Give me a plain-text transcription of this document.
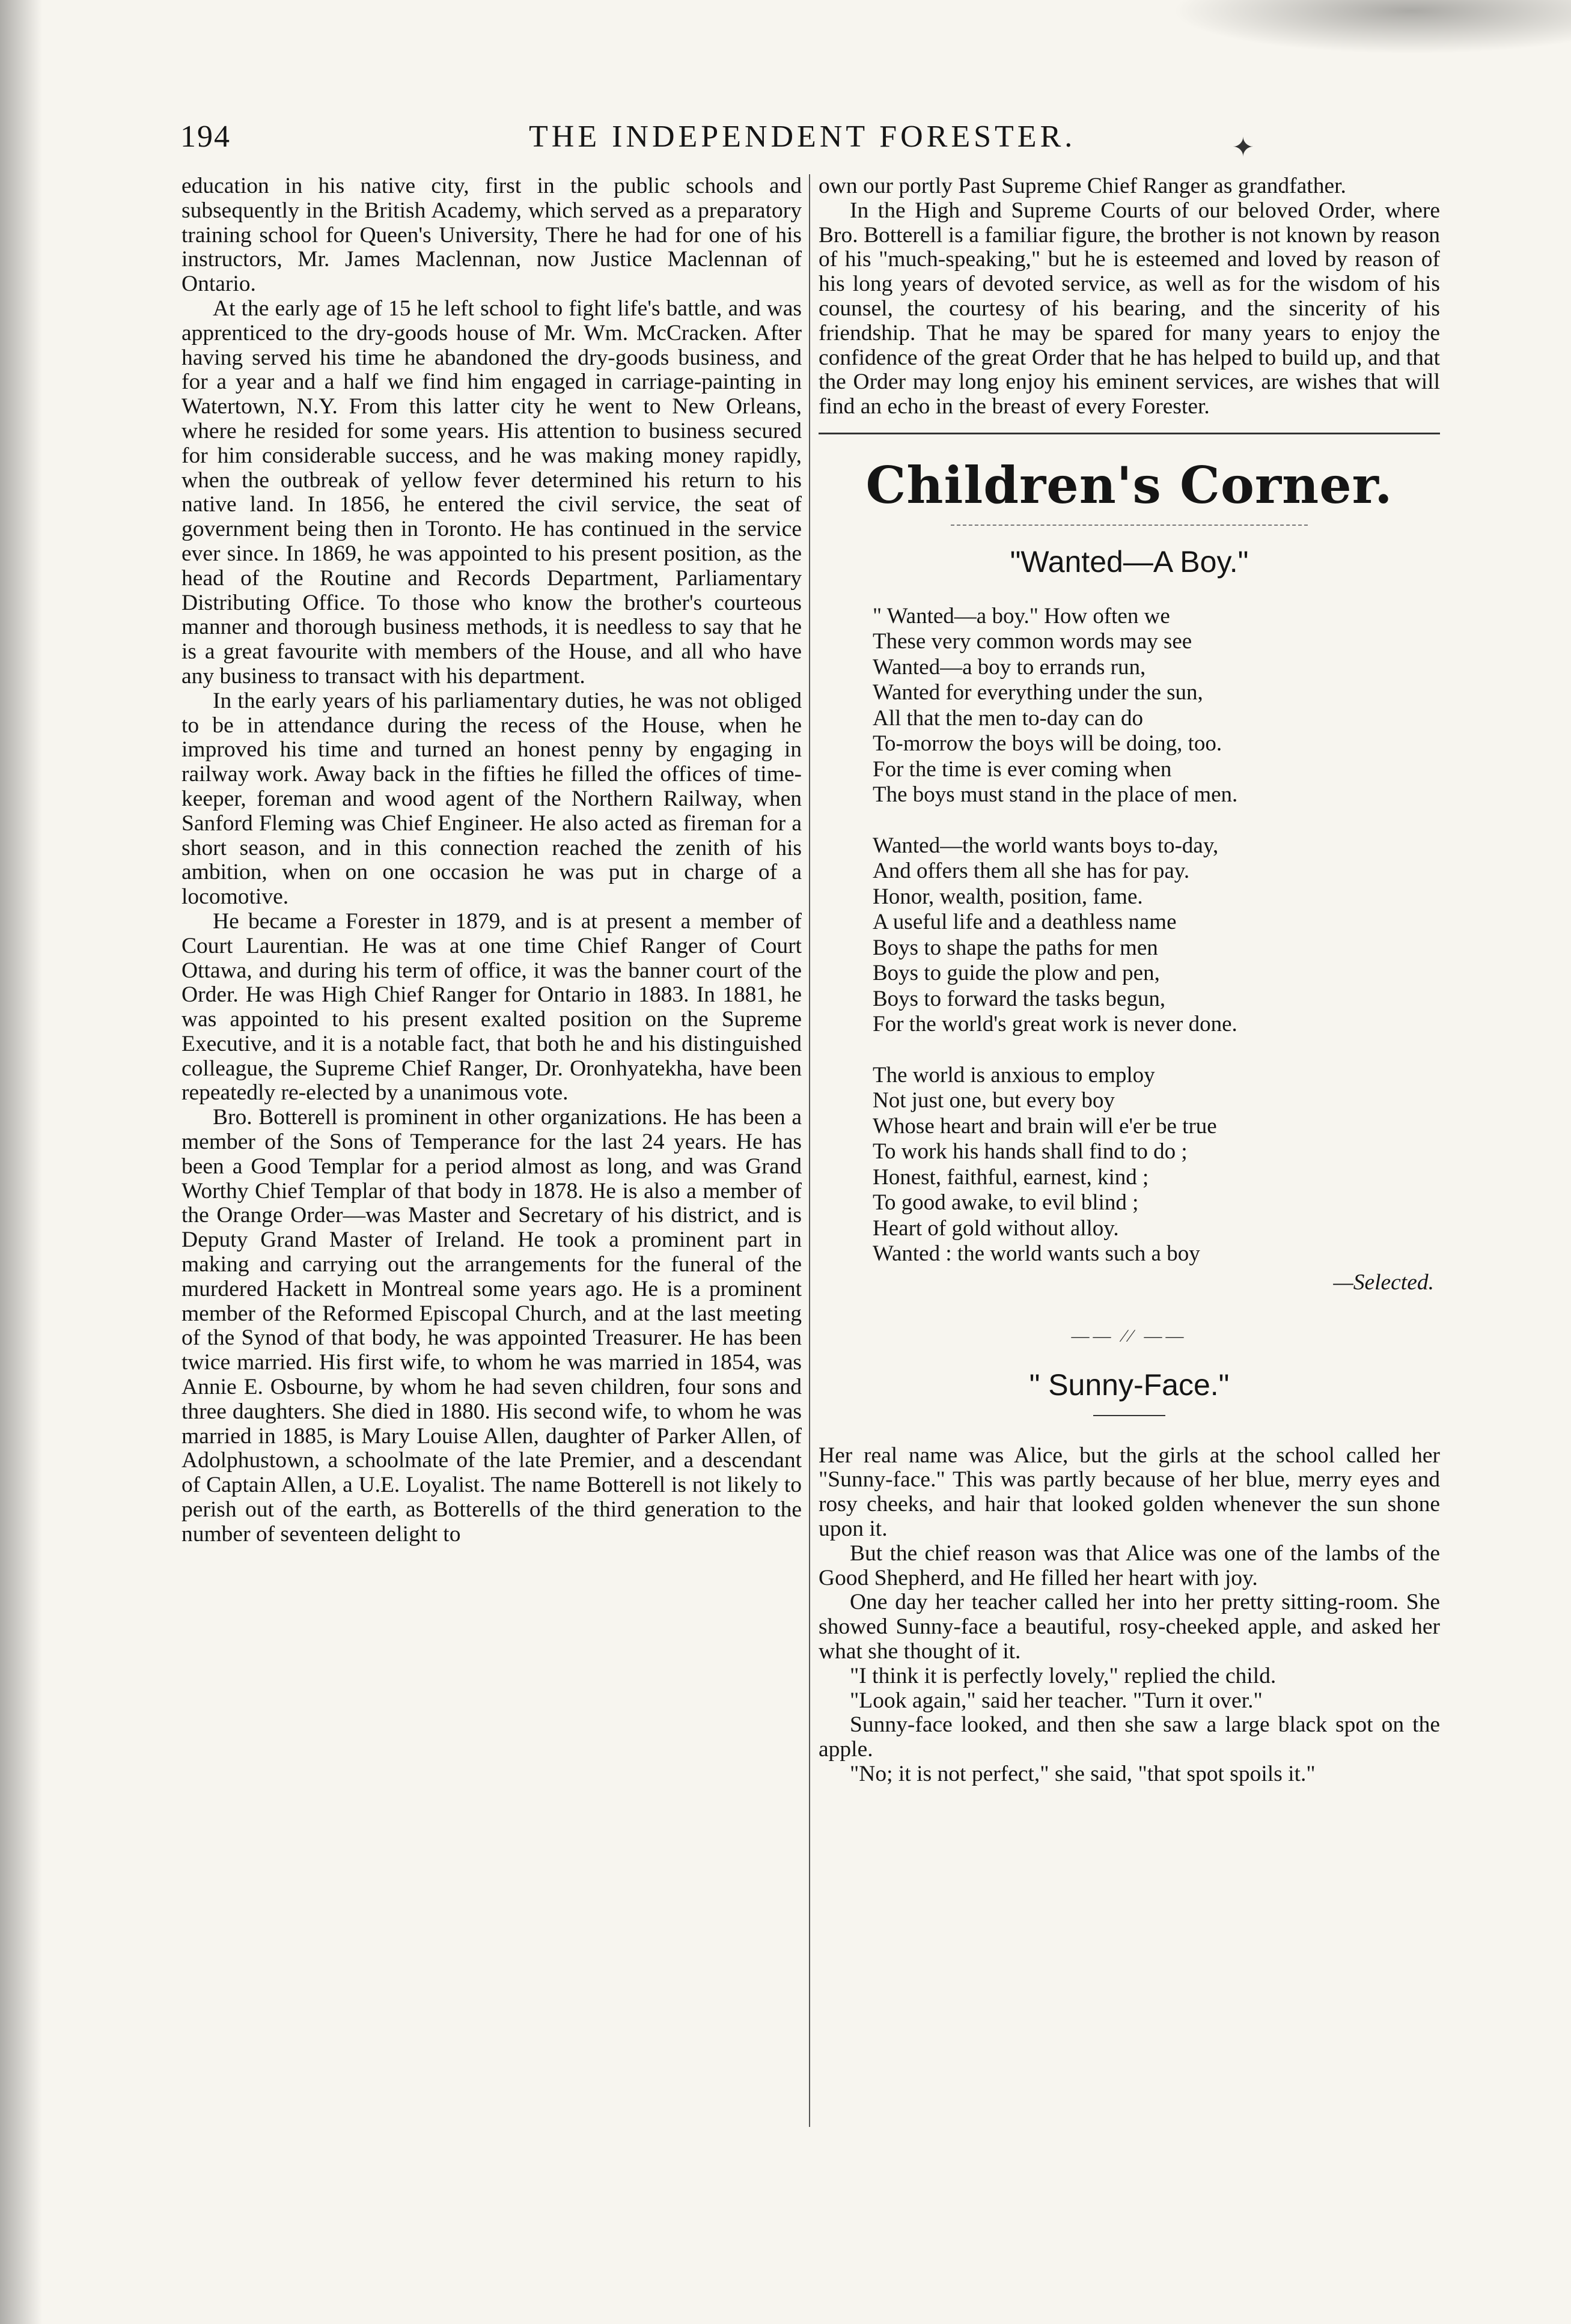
194	THE INDEPENDENT FORESTER.	✦

education in his native city, first in the public schools and subsequently in the British Academy, which served as a preparatory training school for Queen's University, There he had for one of his instructors, Mr. James Maclennan, now Justice Maclennan of Ontario.

At the early age of 15 he left school to fight life's battle, and was apprenticed to the dry-goods house of Mr. Wm. McCracken. After having served his time he abandoned the dry-goods business, and for a year and a half we find him engaged in carriage-painting in Watertown, N.Y. From this latter city he went to New Orleans, where he resided for some years. His attention to business secured for him considerable success, and he was making money rapidly, when the outbreak of yellow fever determined his return to his native land. In 1856, he entered the civil service, the seat of government being then in Toronto. He has continued in the service ever since. In 1869, he was appointed to his present position, as the head of the Routine and Records Department, Parliamentary Distributing Office. To those who know the brother's courteous manner and thorough business methods, it is needless to say that he is a great favourite with members of the House, and all who have any business to transact with his department.

In the early years of his parliamentary duties, he was not obliged to be in attendance during the recess of the House, when he improved his time and turned an honest penny by engaging in railway work. Away back in the fifties he filled the offices of time-keeper, foreman and wood agent of the Northern Railway, when Sanford Fleming was Chief Engineer. He also acted as fireman for a short season, and in this connection reached the zenith of his ambition, when on one occasion he was put in charge of a locomotive.

He became a Forester in 1879, and is at present a member of Court Laurentian. He was at one time Chief Ranger of Court Ottawa, and during his term of office, it was the banner court of the Order. He was High Chief Ranger for Ontario in 1883. In 1881, he was appointed to his present exalted position on the Supreme Executive, and it is a notable fact, that both he and his distinguished colleague, the Supreme Chief Ranger, Dr. Oronhyatekha, have been repeatedly re-elected by a unanimous vote.

Bro. Botterell is prominent in other organizations. He has been a member of the Sons of Temperance for the last 24 years. He has been a Good Templar for a period almost as long, and was Grand Worthy Chief Templar of that body in 1878. He is also a member of the Orange Order—was Master and Secretary of his district, and is Deputy Grand Master of Ireland. He took a prominent part in making and carrying out the arrangements for the funeral of the murdered Hackett in Montreal some years ago. He is a prominent member of the Reformed Episcopal Church, and at the last meeting of the Synod of that body, he was appointed Treasurer. He has been twice married. His first wife, to whom he was married in 1854, was Annie E. Osbourne, by whom he had seven children, four sons and three daughters. She died in 1880. His second wife, to whom he was married in 1885, is Mary Louise Allen, daughter of Parker Allen, of Adolphustown, a schoolmate of the late Premier, and a descendant of Captain Allen, a U.E. Loyalist. The name Botterell is not likely to perish out of the earth, as Botterells of the third generation to the number of seventeen delight to

own our portly Past Supreme Chief Ranger as grandfather.

In the High and Supreme Courts of our beloved Order, where Bro. Botterell is a familiar figure, the brother is not known by reason of his "much-speaking," but he is esteemed and loved by reason of his long years of devoted service, as well as for the wisdom of his counsel, the courtesy of his bearing, and the sincerity of his friendship. That he may be spared for many years to enjoy the confidence of the great Order that he has helped to build up, and that the Order may long enjoy his eminent services, are wishes that will find an echo in the breast of every Forester.

Children's Corner.
"Wanted—A Boy."
" Wanted—a boy." How often we
These very common words may see
Wanted—a boy to errands run,
Wanted for everything under the sun,
All that the men to-day can do
To-morrow the boys will be doing, too.
For the time is ever coming when
The boys must stand in the place of men.
Wanted—the world wants boys to-day,
And offers them all she has for pay.
Honor, wealth, position, fame.
A useful life and a deathless name
Boys to shape the paths for men
Boys to guide the plow and pen,
Boys to forward the tasks begun,
For the world's great work is never done.
The world is anxious to employ
Not just one, but every boy
Whose heart and brain will e'er be true
To work his hands shall find to do ;
Honest, faithful, earnest, kind ;
To good awake, to evil blind ;
Heart of gold without alloy.
Wanted : the world wants such a boy
—Selected.
—— ⁄⁄ ——
" Sunny-Face."

Her real name was Alice, but the girls at the school called her "Sunny-face." This was partly because of her blue, merry eyes and rosy cheeks, and hair that looked golden whenever the sun shone upon it.

But the chief reason was that Alice was one of the lambs of the Good Shepherd, and He filled her heart with joy.

One day her teacher called her into her pretty sitting-room. She showed Sunny-face a beautiful, rosy-cheeked apple, and asked her what she thought of it.

"I think it is perfectly lovely," replied the child.

"Look again," said her teacher. "Turn it over."

Sunny-face looked, and then she saw a large black spot on the apple.

"No; it is not perfect," she said, "that spot spoils it."
